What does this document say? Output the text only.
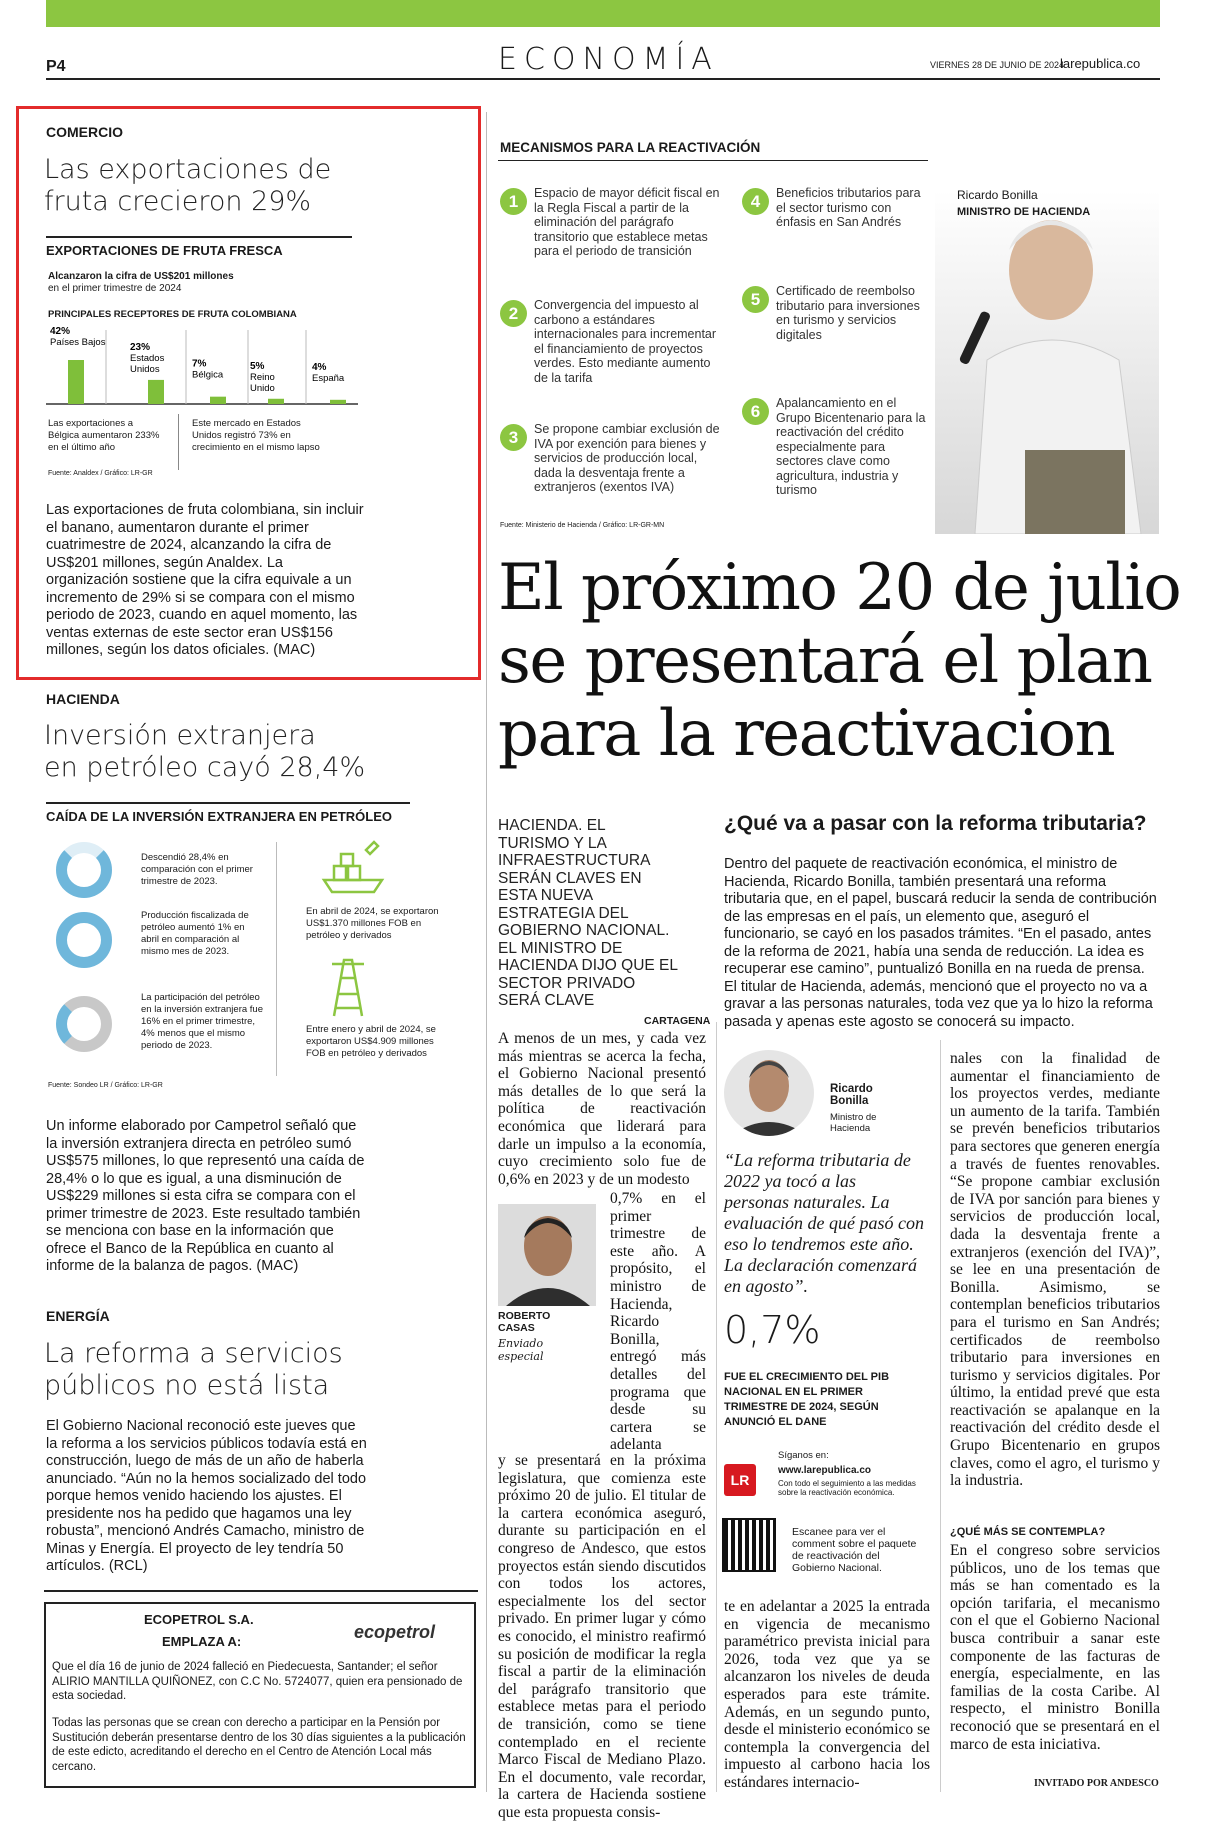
P4	ECONOMÍA	VIERNES 28 DE JUNIO DE 2024
larepublica.co
COMERCIO
Las exportaciones de
fruta crecieron 29%
EXPORTACIONES DE FRUTA FRESCA
Alcanzaron la cifra de US$201 millones
en el primer trimestre de 2024
PRINCIPALES RECEPTORES DE FRUTA COLOMBIANA
42%
Países Bajos 23%
Estados
Unidos	7%
Bélgica
5%
Reino
Unido
4%
España
Las exportaciones a Bélgica aumentaron 233% en el último año
Este mercado en Estados Unidos registró 73% en crecimiento en el mismo lapso
Fuente: Analdex / Gráfico: LR-GR
Las exportaciones de fruta colombiana, sin incluir el banano, aumentaron durante el primer cuatrimestre de 2024, alcanzando la cifra de US$201 millones, según Analdex. La organización sostiene que la cifra equivale a un incremento de 29% si se compara con el mismo periodo de 2023, cuando en aquel momento, las ventas externas de este sector eran US$156 millones, según los datos oficiales. (MAC)
HACIENDA
Inversión extranjera
en petróleo cayó 28,4%
CAÍDA DE LA INVERSIÓN EXTRANJERA EN PETRÓLEO
Descendió 28,4% en comparación con el primer trimestre de 2023.
Producción fiscalizada de petróleo aumentó 1% en abril en comparación al mismo mes de 2023.
La participación del petróleo en la inversión extranjera fue 16% en el primer trimestre, 4% menos que el mismo periodo de 2023.
En abril de 2024, se exportaron US$1.370 millones FOB en petróleo y derivados
Entre enero y abril de 2024, se exportaron US$4.909 millones FOB en petróleo y derivados
Fuente: Sondeo LR / Gráfico: LR-GR
Un informe elaborado por Campetrol señaló que la inversión extranjera directa en petróleo sumó US$575 millones, lo que representó una caída de 28,4% o lo que es igual, a una disminución de US$229 millones si esta cifra se compara con el primer trimestre de 2023. Este resultado también se menciona con base en la información que ofrece el Banco de la República en cuanto al informe de la balanza de pagos. (MAC)
ENERGÍA
La reforma a servicios
públicos no está lista
El Gobierno Nacional reconoció este jueves que la reforma a los servicios públicos todavía está en construcción, luego de más de un año de haberla anunciado. “Aún no la hemos socializado del todo porque hemos venido haciendo los ajustes. El presidente nos ha pedido que hagamos una ley robusta”, mencionó Andrés Camacho, ministro de Minas y Energía. El proyecto de ley tendría 50 artículos. (RCL)
ECOPETROL S.A.
EMPLAZA A:	ecopetrol
Que el día 16 de junio de 2024 falleció en Piedecuesta, Santander; el señor ALIRIO MANTILLA QUIÑONEZ, con C.C No. 5724077, quien era pensionado de esta sociedad.
Todas las personas que se crean con derecho a participar en la Pensión por Sustitución deberán presentarse dentro de los 30 días siguientes a la publicación de este edicto, acreditando el derecho en el Centro de Atención Local más cercano.
MECANISMOS PARA LA REACTIVACIÓN
1	Espacio de mayor déficit fiscal en la Regla Fiscal a partir de la eliminación del parágrafo transitorio que establece metas para el periodo de transición
2	Convergencia del impuesto al carbono a estándares internacionales para incrementar el financiamiento de proyectos verdes. Esto mediante aumento de la tarifa
3	Se propone cambiar exclusión de IVA por exención para bienes y servicios de producción local, dada la desventaja frente a extranjeros (exentos IVA)
4	Beneficios tributarios para el sector turismo con énfasis en San Andrés
5	Certificado de reembolso tributario para inversiones en turismo y servicios digitales
6	Apalancamiento en el Grupo Bicentenario para la reactivación del crédito especialmente para sectores clave como agricultura, industria y turismo
Fuente: Ministerio de Hacienda / Gráfico: LR-GR-MN
Ricardo Bonilla
MINISTRO DE HACIENDA
El próximo 20 de julio
se presentará el plan
para la reactivacion
HACIENDA. EL TURISMO Y LA INFRAESTRUCTURA SERÁN CLAVES EN ESTA NUEVA ESTRATEGIA DEL GOBIERNO NACIONAL. EL MINISTRO DE HACIENDA DIJO QUE EL SECTOR PRIVADO SERÁ CLAVE
CARTAGENA
A menos de un mes, y cada vez más mientras se acerca la fecha, el Gobierno Nacional presentó más detalles de lo que será la política de reactivación económica que liderará para darle un impulso a la economía, cuyo crecimiento solo fue de 0,6% en 2023 y de un modesto
ROBERTO CASAS
Enviado especial
0,7% en el primer trimestre de este año. A propósito, el ministro de Hacienda, Ricardo Bonilla, entregó más detalles del programa que desde su cartera se adelanta
y se presentará en la próxima legislatura, que comienza este próximo 20 de julio. El titular de la cartera económica aseguró, durante su participación en el congreso de Andesco, que estos proyectos están siendo discutidos con todos los actores, especialmente los del sector privado. En primer lugar y cómo es conocido, el ministro reafirmó su posición de modificar la regla fiscal a partir de la eliminación del parágrafo transitorio que establece metas para el periodo de transición, como se tiene contemplado en el reciente Marco Fiscal de Mediano Plazo. En el documento, vale recordar, la cartera de Hacienda sostiene que esta propuesta consis-
¿Qué va a pasar con la reforma tributaria?
Dentro del paquete de reactivación económica, el ministro de Hacienda, Ricardo Bonilla, también presentará una reforma tributaria que, en el papel, buscará reducir la senda de contribución de las empresas en el país, un elemento que, aseguró el funcionario, se cayó en los pasados trámites. “En el pasado, antes de la reforma de 2021, había una senda de reducción. La idea es recuperar ese camino”, puntualizó Bonilla en na rueda de prensa. El titular de Hacienda, además, mencionó que el proyecto no va a gravar a las personas naturales, toda vez que ya lo hizo la reforma pasada y apenas este agosto se conocerá su impacto.
Ricardo Bonilla
Ministro de Hacienda
“La reforma tributaria de 2022 ya tocó a las personas naturales. La evaluación de qué pasó con eso lo tendremos este año. La declaración comenzará en agosto”.
0,7%
FUE EL CRECIMIENTO DEL PIB NACIONAL EN EL PRIMER TRIMESTRE DE 2024, SEGÚN ANUNCIÓ EL DANE
Síganos en:
LR
www.larepublica.co
Con todo el seguimiento a las medidas sobre la reactivación económica.
Escanee para ver el comment sobre el paquete de reactivación del Gobierno Nacional.
te en adelantar a 2025 la entrada en vigencia de mecanismo paramétrico prevista inicial para 2026, toda vez que ya se alcanzaron los niveles de deuda esperados para este trámite. Además, en un segundo punto, desde el ministerio económico se contempla la convergencia del impuesto al carbono hacia los estándares internacio-
nales con la finalidad de aumentar el financiamiento de los proyectos verdes, mediante un aumento de la tarifa. También se prevén beneficios tributarios para sectores que generen energía a través de fuentes renovables. “Se propone cambiar exclusión de IVA por sanción para bienes y servicios de producción local, dada la desventaja frente a extranjeros (exención del IVA)”, se lee en una presentación de Bonilla. Asimismo, se contemplan beneficios tributarios para el turismo en San Andrés; certificados de reembolso tributario para inversiones en turismo y servicios digitales. Por último, la entidad prevé que esta reactivación se apalanque en la reactivación del crédito desde el Grupo Bicentenario en grupos claves, como el agro, el turismo y la industria.
¿QUÉ MÁS SE CONTEMPLA?
En el congreso sobre servicios públicos, uno de los temas que más se han comentado es la opción tarifaria, el mecanismo con el que el Gobierno Nacional busca contribuir a sanar este componente de las facturas de energía, especialmente, en las familias de la costa Caribe. Al respecto, el ministro Bonilla reconoció que se presentará en el marco de esta iniciativa.
INVITADO POR ANDESCO
